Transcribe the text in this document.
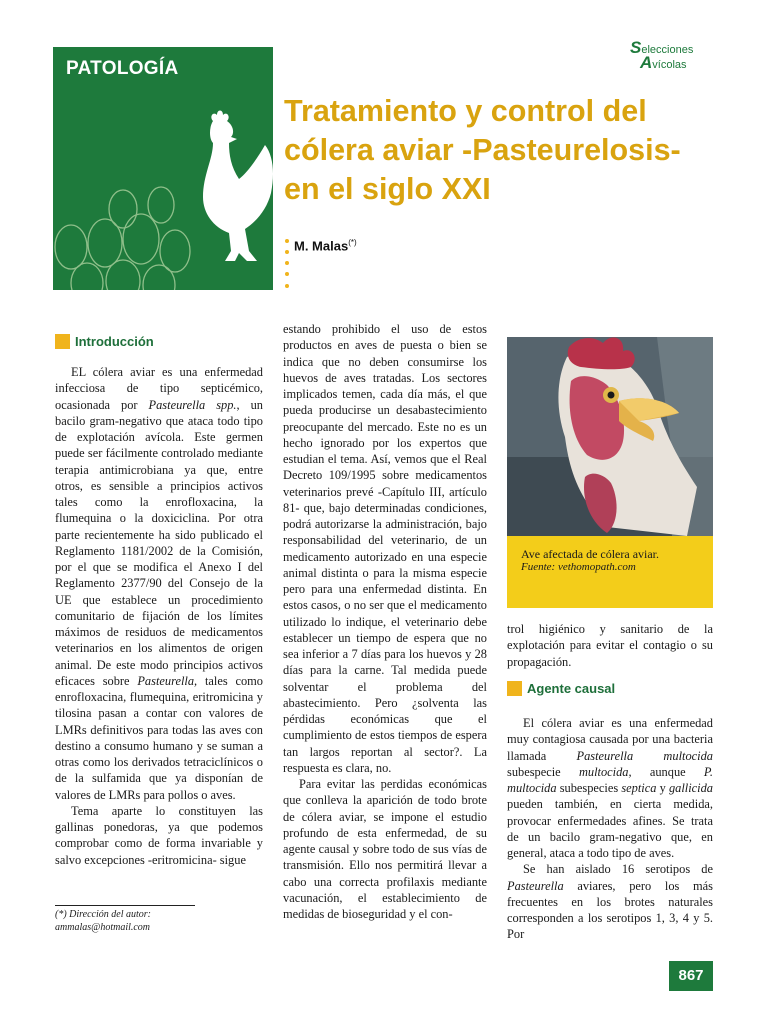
PATOLOGÍA
Selecciones
Avícolas
Tratamiento y control del
cólera aviar -Pasteurelosis-
en el siglo XXI
M. Malas(*)
Introducción

EL cólera aviar es una enfermedad infecciosa de tipo septicémico, ocasionada por Pasteurella spp., un bacilo gram-negativo que ataca todo tipo de explotación avícola. Este germen puede ser fácilmente controlado mediante terapia antimicrobiana ya que, entre otros, es sensible a principios activos tales como la enrofloxacina, la flumequina o la doxiciclina. Por otra parte recientemente ha sido publicado el Reglamento 1181/2002 de la Comisión, por el que se modifica el Anexo I del Reglamento 2377/90 del Consejo de la UE que establece un procedimiento comunitario de fijación de los límites máximos de residuos de medicamentos veterinarios en los alimentos de origen animal. De este modo principios activos eficaces sobre Pasteurella, tales como enrofloxacina, flumequina, eritromicina y tilosina pasan a contar con valores de LMRs definitivos para todas las aves con destino a consumo humano y se suman a otras como los derivados tetraciclínicos o de la sulfamida que ya disponían de valores de LMRs para pollos o aves.

Tema aparte lo constituyen las gallinas ponedoras, ya que podemos comprobar como de forma invariable y salvo excepciones -eritromicina- sigue

(*) Dirección del autor:
ammalas@hotmail.com

estando prohibido el uso de estos productos en aves de puesta o bien se indica que no deben consumirse los huevos de aves tratadas. Los sectores implicados temen, cada día más, el que pueda producirse un desabastecimiento preocupante del mercado. Este no es un hecho ignorado por los expertos que estudian el tema. Así, vemos que el Real Decreto 109/1995 sobre medicamentos veterinarios prevé -Capítulo III, artículo 81- que, bajo determinadas condiciones, podrá autorizarse la administración, bajo responsabilidad del veterinario, de un medicamento autorizado en una especie animal distinta o para la misma especie pero para una enfermedad distinta. En estos casos, o no ser que el medicamento utilizado lo indique, el veterinario debe establecer un tiempo de espera que no sea inferior a 7 días para los huevos y 28 días para la carne. Tal medida puede solventar el problema del abastecimiento. Pero ¿solventa las pérdidas económicas que el cumplimiento de estos tiempos de espera tan largos reportan al sector?. La respuesta es clara, no.

Para evitar las perdidas económicas que conlleva la aparición de todo brote de cólera aviar, se impone el estudio profundo de esta enfermedad, de su agente causal y sobre todo de sus vías de transmisión. Ello nos permitirá llevar a cabo una correcta profilaxis mediante vacunación, el establecimiento de medidas de bioseguridad y el con-

Ave afectada de cólera aviar.
Fuente: vethomopath.com

trol higiénico y sanitario de la explotación para evitar el contagio o su propagación.

Agente causal

El cólera aviar es una enfermedad muy contagiosa causada por una bacteria llamada Pasteurella multocida subespecie multocida, aunque P. multocida subespecies septica y gallicida pueden también, en cierta medida, provocar enfermedades afines. Se trata de un bacilo gram-negativo que, en general, ataca a todo tipo de aves.

Se han aislado 16 serotipos de Pasteurella aviares, pero los más frecuentes en los brotes naturales corresponden a los serotipos 1, 3, 4 y 5. Por

867
